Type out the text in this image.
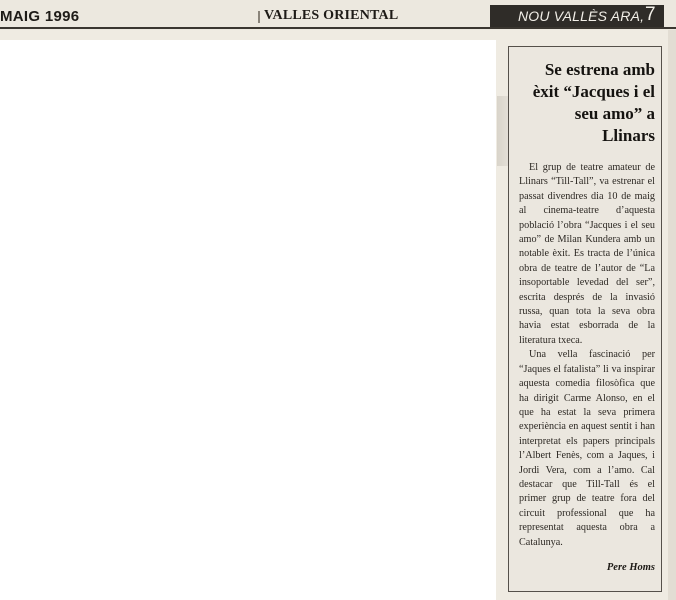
MAIG 1996	VALLES ORIENTAL	NOU VALLÈS ARA, 7
Se estrena amb èxit “Jacques i el seu amo” a Llinars

El grup de teatre amateur de Llinars “Till-Tall”, va estrenar el passat divendres dia 10 de maig al cinema-teatre d’aquesta població l’obra “Jacques i el seu amo” de Milan Kundera amb un notable èxit. Es tracta de l’única obra de teatre de l’autor de “La insoportable levedad del ser”, escrita després de la invasió russa, quan tota la seva obra havia estat esborrada de la literatura txeca.

Una vella fascinació per “Jaques el fatalista” li va inspirar aquesta comedia filosòfica que ha dirigit Carme Alonso, en el que ha estat la seva primera experiència en aquest sentit i han interpretat els papers principals l’Albert Fenès, com a Jaques, i Jordi Vera, com a l’amo. Cal destacar que Till-Tall és el primer grup de teatre fora del circuit professional que ha representat aquesta obra a Catalunya.

Pere Homs
